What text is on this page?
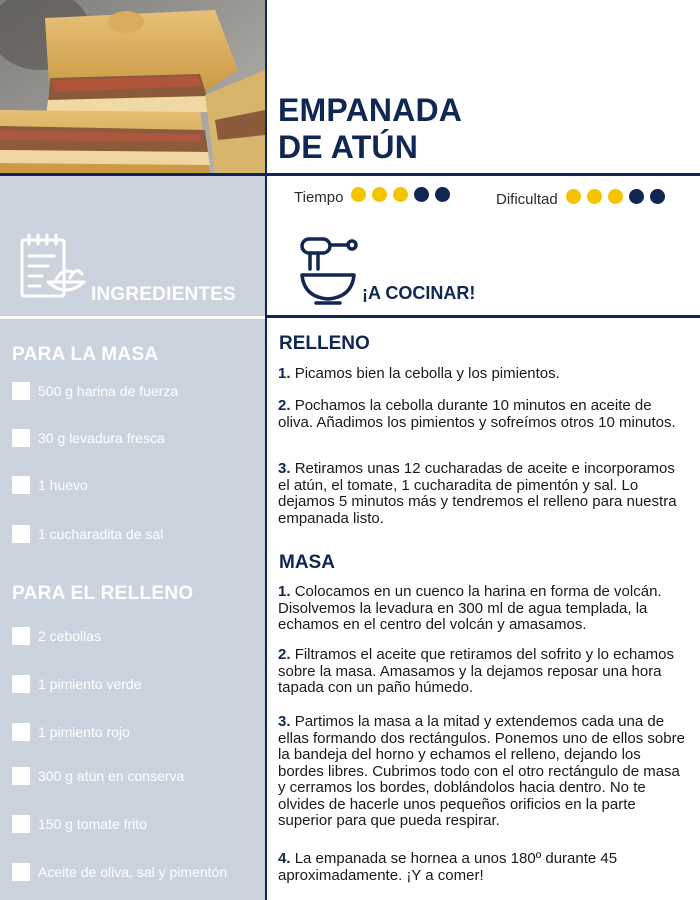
EMPANADA
DE ATÚN
Tiempo	Dificultad
INGREDIENTES	¡A COCINAR!
PARA LA MASA
500 g harina de fuerza
30 g levadura fresca
1 huevo
1 cucharadita de sal
PARA EL RELLENO
2 cebollas
1 pimiento verde
1 pimiento rojo
300 g atún en conserva
150 g tomate frito
Aceite de oliva, sal y pimentón
RELLENO
1. Picamos bien la cebolla y los pimientos.
2. Pochamos la cebolla durante 10 minutos en aceite de oliva. Añadimos los pimientos y sofreímos otros 10 minutos.
3. Retiramos unas 12 cucharadas de aceite e incorporamos el atún, el tomate, 1 cucharadita de pimentón y sal. Lo dejamos 5 minutos más y tendremos el relleno para nuestra empanada listo.
MASA
1. Colocamos en un cuenco la harina en forma de volcán. Disolvemos la levadura en 300 ml de agua templada, la echamos en el centro del volcán y amasamos.
2. Filtramos el aceite que retiramos del sofrito y lo echamos sobre la masa. Amasamos y la dejamos reposar una hora tapada con un paño húmedo.
3. Partimos la masa a la mitad y extendemos cada una de ellas formando dos rectángulos. Ponemos uno de ellos sobre la bandeja del horno y echamos el relleno, dejando los bordes libres. Cubrimos todo con el otro rectángulo de masa y cerramos los bordes, doblándolos hacia dentro. No te olvides de hacerle unos pequeños orificios en la parte superior para que pueda respirar.
4. La empanada se hornea a unos 180º durante 45 aproximadamente. ¡Y a comer!
